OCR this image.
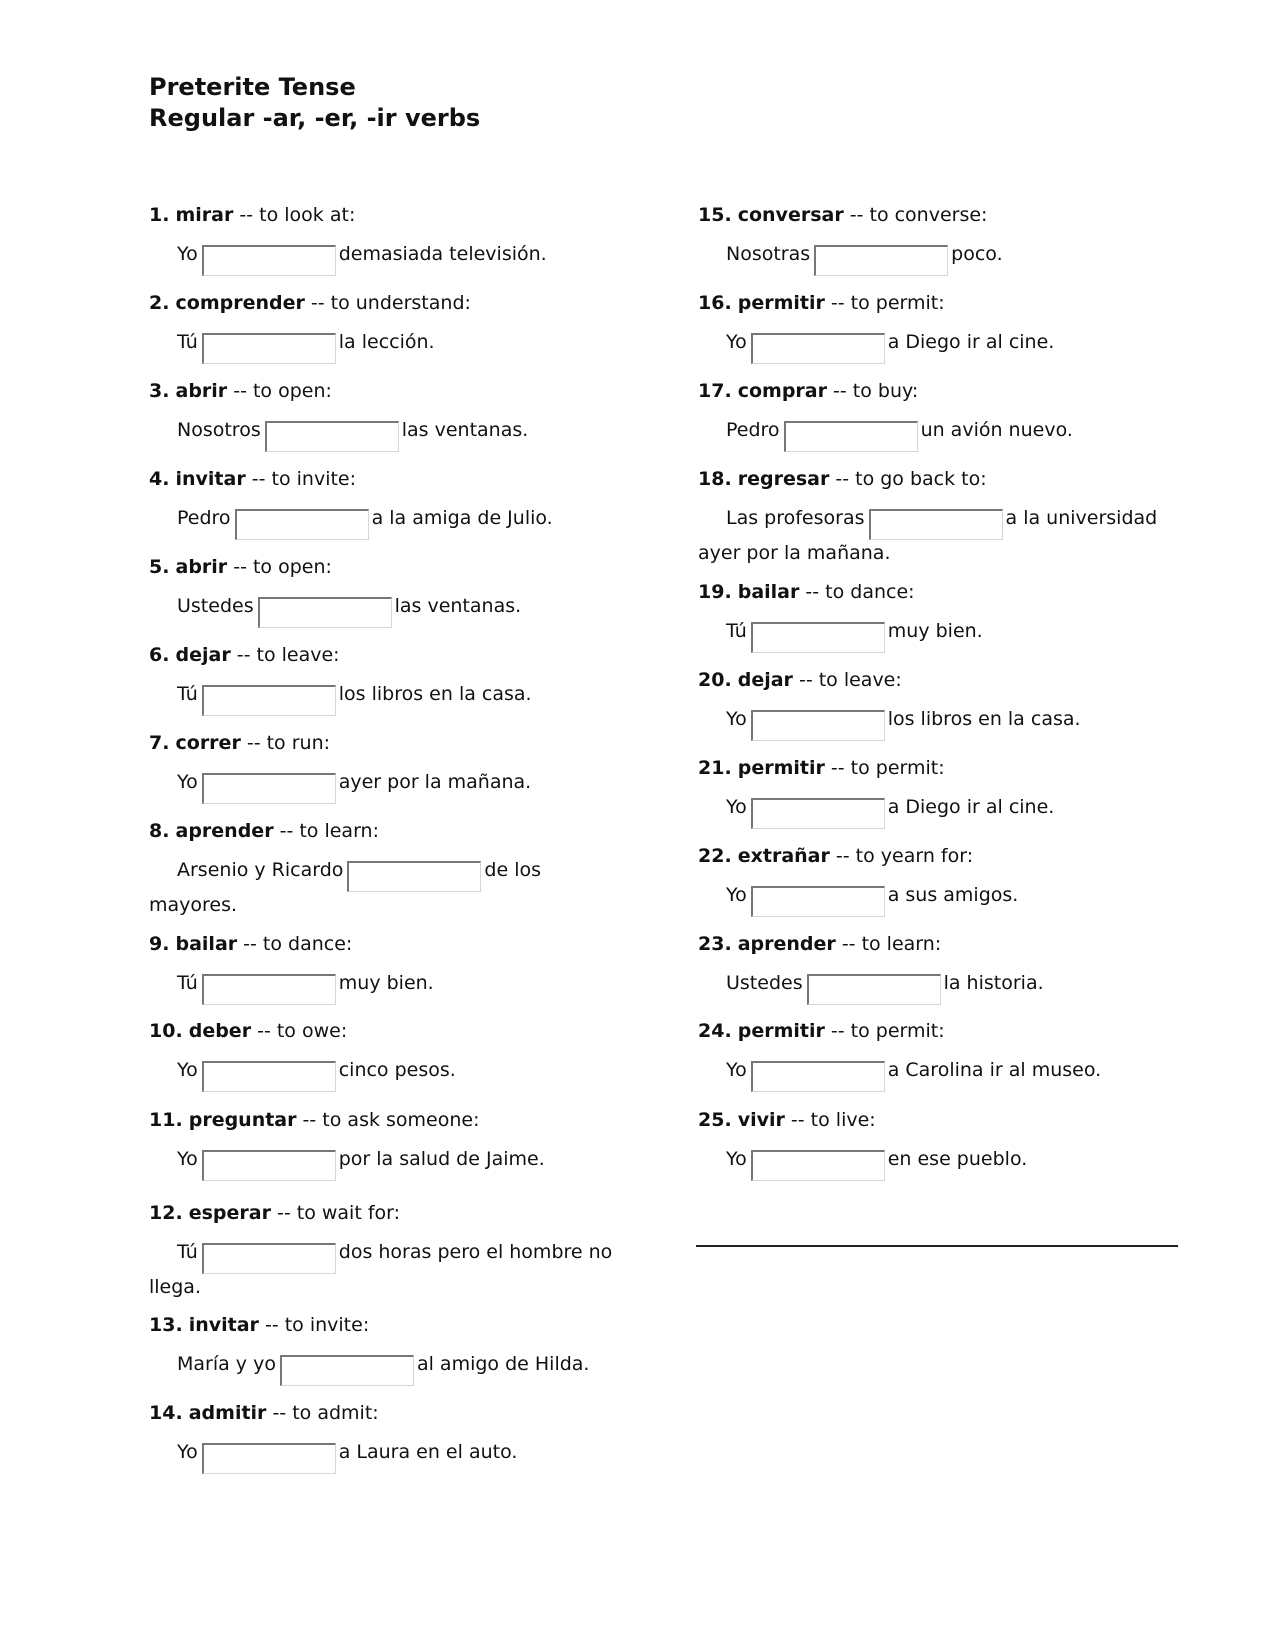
Preterite Tense
Regular -ar, -er, -ir verbs

1. mirar -- to look at:

Yo	demasiada televisión.

2. comprender -- to understand:

Tú	la lección.

3. abrir -- to open:

Nosotros	las ventanas.

4. invitar -- to invite:

Pedro	a la amiga de Julio.

5. abrir -- to open:

Ustedes	las ventanas.

6. dejar -- to leave:

Tú	los libros en la casa.

7. correr -- to run:

Yo	ayer por la mañana.

8. aprender -- to learn:

Arsenio y Ricardo	de los mayores.

9. bailar -- to dance:

Tú	muy bien.

10. deber -- to owe:

Yo	cinco pesos.

11. preguntar -- to ask someone:

Yo	por la salud de Jaime.

12. esperar -- to wait for:

Tú	dos horas pero el hombre no llega.

13. invitar -- to invite:

María y yo	al amigo de Hilda.

14. admitir -- to admit:

Yo	a Laura en el auto.

15. conversar -- to converse:

Nosotras	poco.

16. permitir -- to permit:

Yo	a Diego ir al cine.

17. comprar -- to buy:

Pedro	un avión nuevo.

18. regresar -- to go back to:

Las profesoras	a la universidad ayer por la mañana.

19. bailar -- to dance:

Tú	muy bien.

20. dejar -- to leave:

Yo	los libros en la casa.

21. permitir -- to permit:

Yo	a Diego ir al cine.

22. extrañar -- to yearn for:

Yo	a sus amigos.

23. aprender -- to learn:

Ustedes	la historia.

24. permitir -- to permit:

Yo	a Carolina ir al museo.

25. vivir -- to live:

Yo	en ese pueblo.
